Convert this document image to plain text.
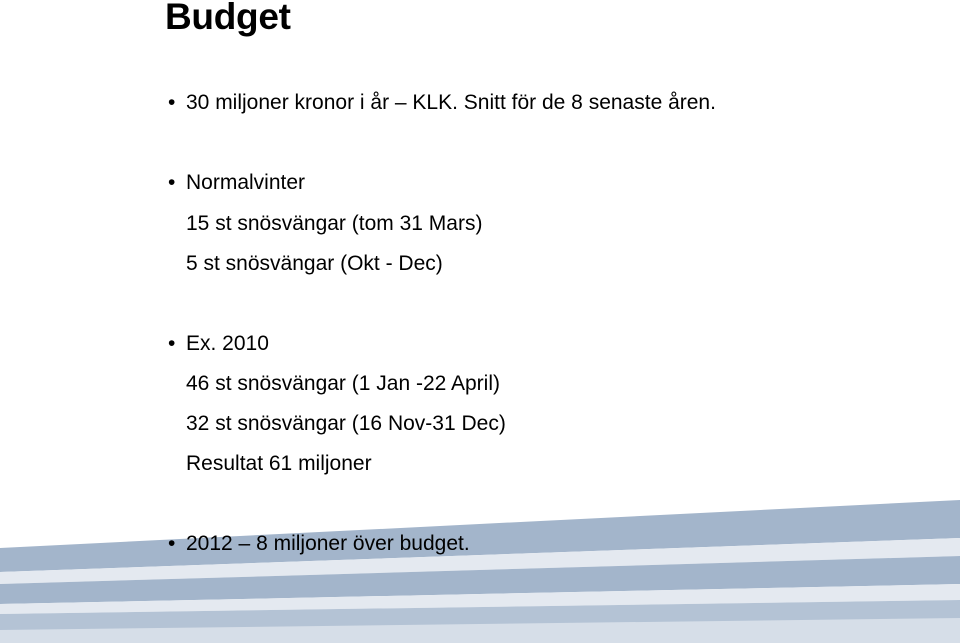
Budget
• 30 miljoner kronor i år – KLK. Snitt för de 8 senaste åren.
• Normalvinter
15 st snösvängar (tom 31 Mars)
5 st snösvängar (Okt - Dec)
• Ex. 2010
46 st snösvängar (1 Jan -22 April)
32 st snösvängar (16 Nov-31 Dec)
Resultat 61 miljoner
• 2012 – 8 miljoner över budget.
